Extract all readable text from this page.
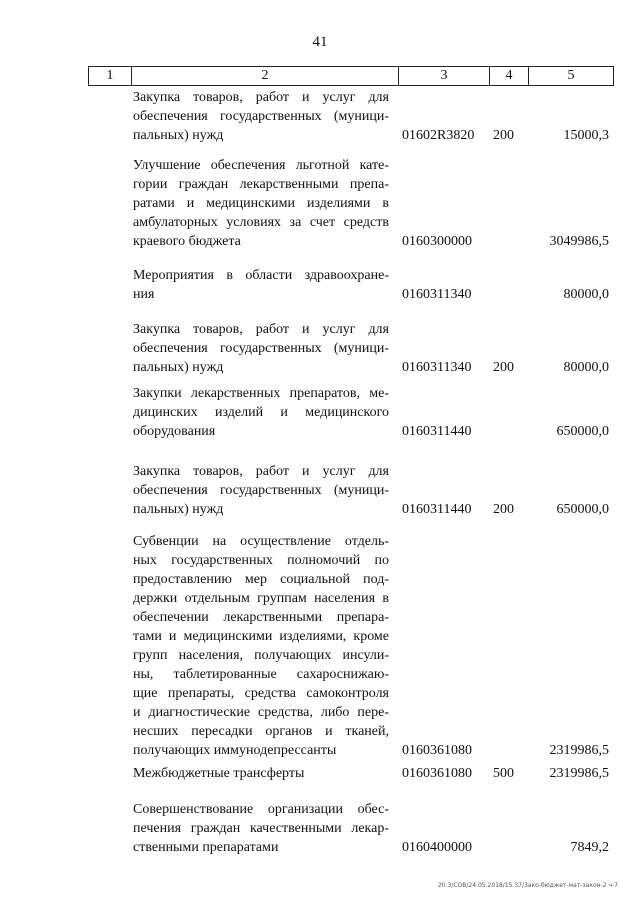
41
1	2	3	4	5
Закупка товаров, работ и услуг для
обеспечения государственных (муници-
пальных) нужд	01602R3820 200	15000,3
Улучшение обеспечения льготной кате-
гории граждан лекарственными препа-
ратами и медицинскими изделиями в
амбулаторных условиях за счет средств
краевого бюджета	0160300000	3049986,5
Мероприятия в области здравоохране-
ния	0160311340	80000,0
Закупка товаров, работ и услуг для
обеспечения государственных (муници-
пальных) нужд	0160311340 200	80000,0
Закупки лекарственных препаратов, ме-
дицинских изделий и медицинского
оборудования	0160311440	650000,0
Закупка товаров, работ и услуг для
обеспечения государственных (муници-
пальных) нужд	0160311440 200	650000,0
Субвенции на осуществление отдель-
ных государственных полномочий по
предоставлению мер социальной под-
держки отдельным группам населения в
обеспечении лекарственными препара-
тами и медицинскими изделиями, кроме
групп населения, получающих инсули-
ны, таблетированные сахароснижаю-
щие препараты, средства самоконтроля
и диагностические средства, либо пере-
несших пересадки органов и тканей,
получающих иммунодепрессанты	0160361080	2319986,5
Межбюджетные трансферты	0160361080 500	2319986,5
Совершенствование организации обес-
печения граждан качественными лекар-
ственными препаратами	0160400000	7849,2
20.3/СОВ/24.05.2018/15.37/Зако-бюджет-мат-закон-2 ч-7
